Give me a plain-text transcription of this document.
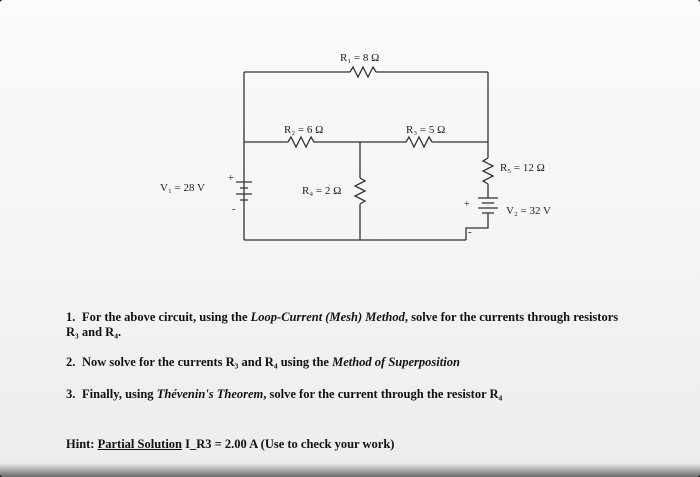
R₁ = 8 Ω
R₂ = 6 Ω	R₃ = 5 Ω
R₄ = 2 Ω
R₅ = 12 Ω
V₁ = 28 V
V₂ = 32 V
+
-	+
-
1. For the above circuit, using the Loop-Current (Mesh) Method, solve for the currents through resistors
R₃ and R₄.
2. Now solve for the currents R₃ and R₄ using the Method of Superposition
3. Finally, using Thévenin's Theorem, solve for the current through the resistor R₄
Hint: Partial Solution I_R3 = 2.00 A (Use to check your work)
